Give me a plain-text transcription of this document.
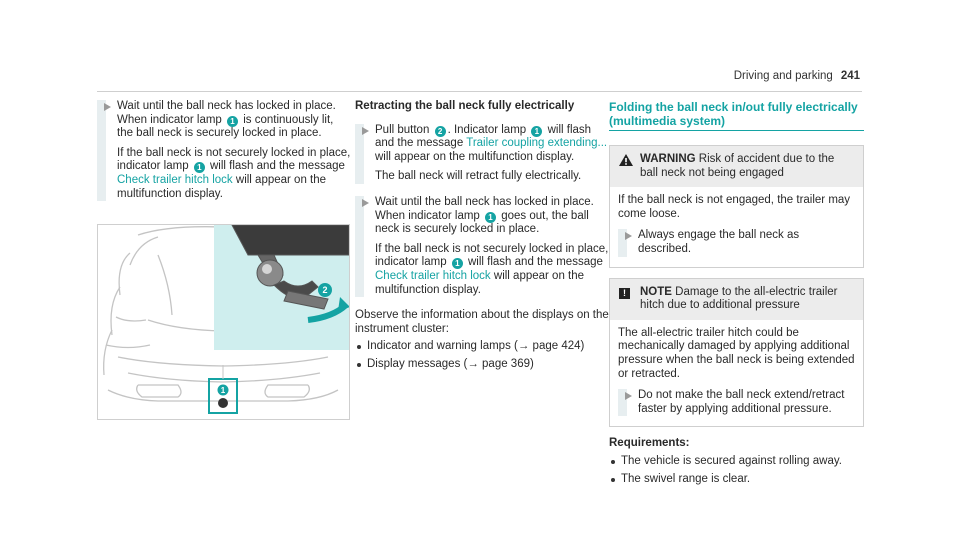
Driving and parking 241

Wait until the ball neck has locked in place. When indicator lamp 1 is continuously lit, the ball neck is securely locked in place.

If the ball neck is not securely locked in place, indicator lamp 1 will flash and the message Check trailer hitch lock will appear on the multifunction display.

2
1

Retracting the ball neck fully electrically

Pull button 2 . Indicator lamp 1 will flash and the message Trailer coupling extending... will appear on the multifunction display.

The ball neck will retract fully electrically.

Wait until the ball neck has locked in place. When indicator lamp 1 goes out, the ball neck is securely locked in place.

If the ball neck is not securely locked in place, indicator lamp 1 will flash and the message Check trailer hitch lock will appear on the multifunction display.

Observe the information about the displays on the instrument cluster:

Indicator and warning lamps (→ page 424)
Display messages (→ page 369)

Folding the ball neck in/out fully electrically (multimedia system)

WARNING Risk of accident due to the ball neck not being engaged

If the ball neck is not engaged, the trailer may come loose.

Always engage the ball neck as described.

!	NOTE Damage to the all-electric trailer hitch due to additional pressure

The all-electric trailer hitch could be mechanically damaged by applying additional pressure when the ball neck is being extended or retracted.

Do not make the ball neck extend/retract faster by applying additional pressure.

Requirements:

The vehicle is secured against rolling away.
The swivel range is clear.
